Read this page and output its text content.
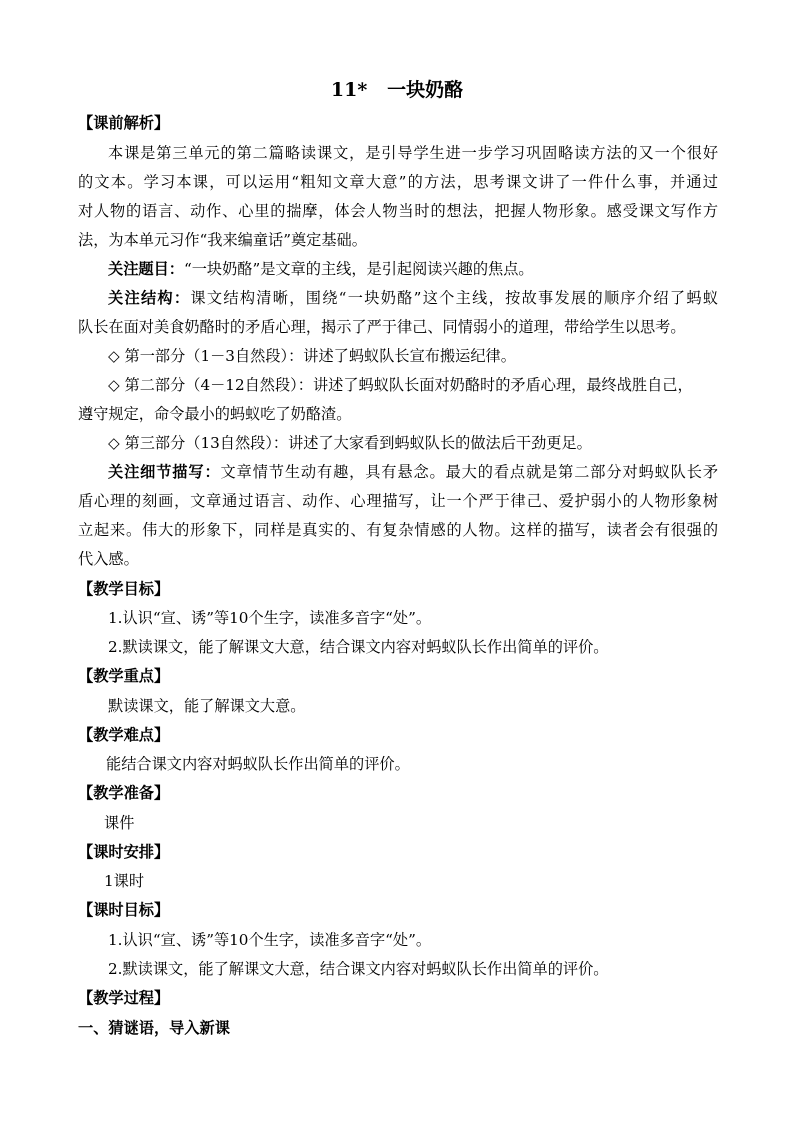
11*   一块奶酪
【课前解析】
本课是第三单元的第二篇略读课文，是引导学生进一步学习巩固略读方法的又一个很好
的文本。学习本课，可以运用“粗知文章大意”的方法，思考课文讲了一件什么事，并通过
对人物的语言、动作、心里的揣摩，体会人物当时的想法，把握人物形象。感受课文写作方
法，为本单元习作“我来编童话”奠定基础。
关注题目：“一块奶酪”是文章的主线，是引起阅读兴趣的焦点。
关注结构：课文结构清晰，围绕“一块奶酪”这个主线，按故事发展的顺序介绍了蚂蚁
队长在面对美食奶酪时的矛盾心理，揭示了严于律己、同情弱小的道理，带给学生以思考。
◇ 第一部分（1－3自然段）：讲述了蚂蚁队长宣布搬运纪律。
◇ 第二部分（4－12自然段）：讲述了蚂蚁队长面对奶酪时的矛盾心理，最终战胜自己，
遵守规定，命令最小的蚂蚁吃了奶酪渣。
◇ 第三部分（13自然段）：讲述了大家看到蚂蚁队长的做法后干劲更足。
关注细节描写：文章情节生动有趣，具有悬念。最大的看点就是第二部分对蚂蚁队长矛
盾心理的刻画，文章通过语言、动作、心理描写，让一个严于律己、爱护弱小的人物形象树
立起来。伟大的形象下，同样是真实的、有复杂情感的人物。这样的描写，读者会有很强的
代入感。
【教学目标】
1.认识“宣、诱”等10个生字，读准多音字“处”。
2.默读课文，能了解课文大意，结合课文内容对蚂蚁队长作出简单的评价。
【教学重点】
默读课文，能了解课文大意。
【教学难点】
能结合课文内容对蚂蚁队长作出简单的评价。
【教学准备】
课件
【课时安排】
1课时
【课时目标】
1.认识“宣、诱”等10个生字，读准多音字“处”。
2.默读课文，能了解课文大意，结合课文内容对蚂蚁队长作出简单的评价。
【教学过程】
一、猜谜语，导入新课
